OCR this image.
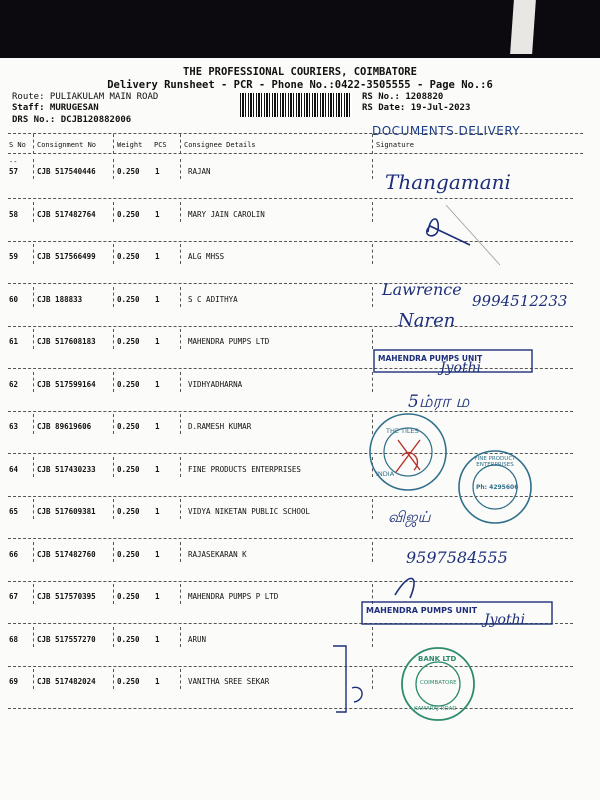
THE PROFESSIONAL COURIERS, COIMBATORE
Delivery Runsheet - PCR - Phone No.:0422-3505555 - Page No.:6
Route: PULIAKULAM MAIN ROAD
Staff: MURUGESAN
DRS No.: DCJB120882006
RS No.: 1208820
RS Date: 19-Jul-2023
DOCUMENTS DELIVERY
S No Consignment No	Weight PCS Consignee Details	Signature
--
57	CJB 517540446	0.250 1	RAJAN
58	CJB 517482764	0.250 1	MARY JAIN CAROLIN
59	CJB 517566499	0.250 1	ALG MHSS
60	CJB 188833	0.250 1	S C ADITHYA
61	CJB 517608183	0.250 1	MAHENDRA PUMPS LTD
62	CJB 517599164	0.250 1	VIDHYADHARNA
63	CJB 89619606	0.250 1	D.RAMESH KUMAR
64	CJB 517430233	0.250 1	FINE PRODUCTS ENTERPRISES
65	CJB 517609381	0.250 1	VIDYA NIKETAN PUBLIC SCHOOL
66	CJB 517482760	0.250 1	RAJASEKARAN K
67	CJB 517570395	0.250 1	MAHENDRA PUMPS P LTD
68	CJB 517557270	0.250 1	ARUN
69	CJB 517482024	0.250 1	VANITHA SREE SEKAR
Thangamani
Lawrence
9994512233
Naren
MAHENDRA PUMPS UNIT
Jyothi
5ம்ரா ம
THE TILES
INDIA
FINE PRODUCT ENTERPRISES
Ph: 4295606
விஜய்
9597584555
MAHENDRA PUMPS UNIT
Jyothi
BANK LTD
COIMBATORE
KAMARAJ ROAD
